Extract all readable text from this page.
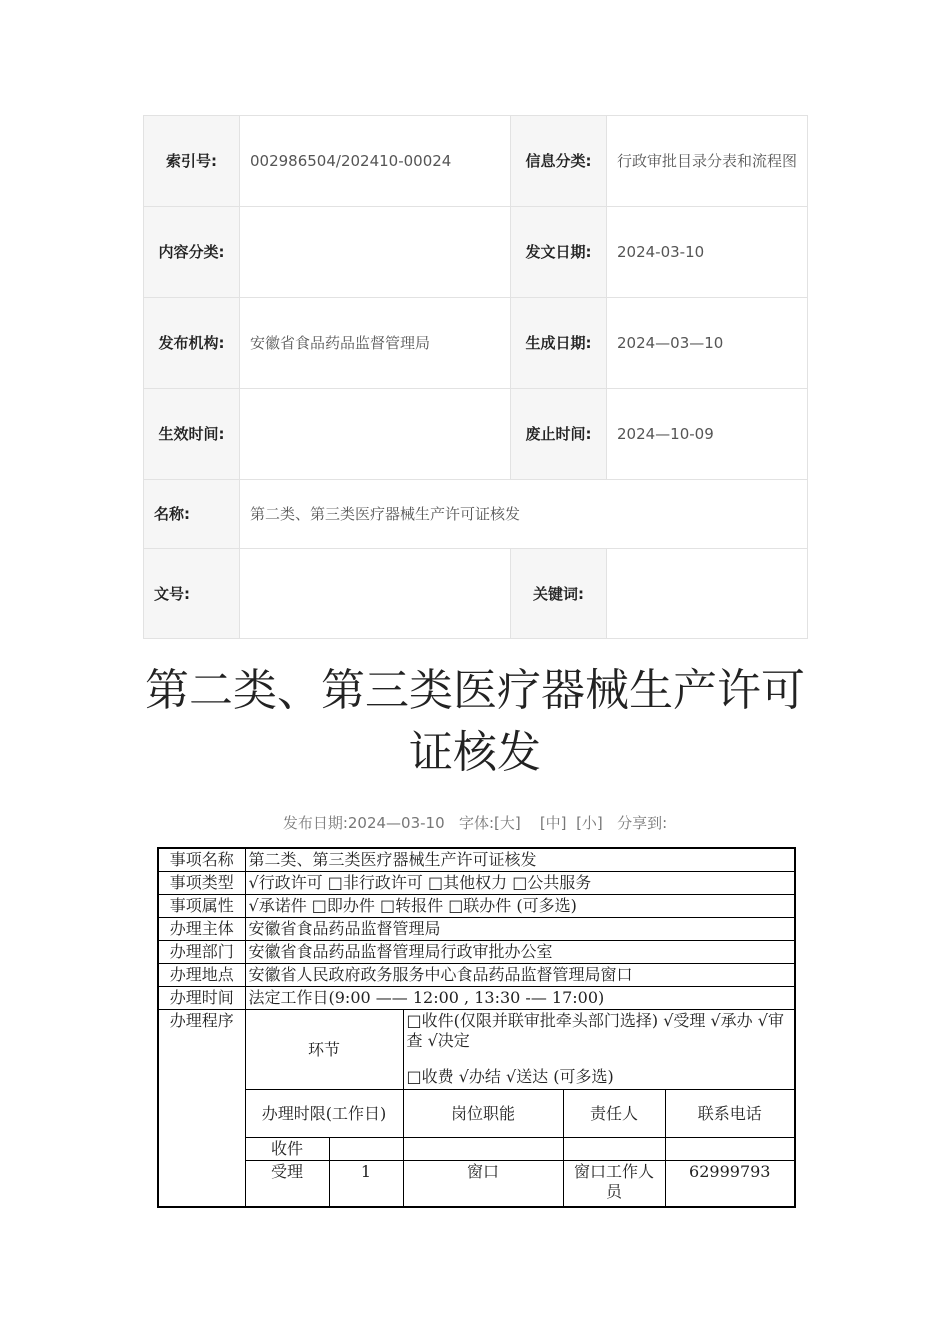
索引号:	002986504/202410-00024	信息分类:	行政审批目录分表和流程图
内容分类:		发文日期:	2024-03-10
发布机构:	安徽省食品药品监督管理局	生成日期:	2024—03—10
生效时间:		废止时间:	2024—10-09
名称:	第二类、第三类医疗器械生产许可证核发		
文号:		关键词:	
第二类、第三类医疗器械生产许可证核发
发布日期:2024—03-10 字体:[大] [中] [小] 分享到:
事项名称	第二类、第三类医疗器械生产许可证核发				
事项类型	√行政许可 □非行政许可 □其他权力 □公共服务				
事项属性	√承诺件 □即办件 □转报件 □联办件 (可多选)				
办理主体	安徽省食品药品监督管理局				
办理部门	安徽省食品药品监督管理局行政审批办公室				
办理地点	安徽省人民政府政务服务中心食品药品监督管理局窗口				
办理时间	法定工作日(9:00 —— 12:00 , 13:30 -— 17:00)				
办理程序	环节		□收件(仅限并联审批牵头部门选择) √受理 √承办 √审查 √决定
□收费 √办结 √送达 (可多选)		

	办理时限(工作日)		岗位职能	责任人	联系电话
	收件				
	受理	1	窗口	窗口工作人员	62999793
